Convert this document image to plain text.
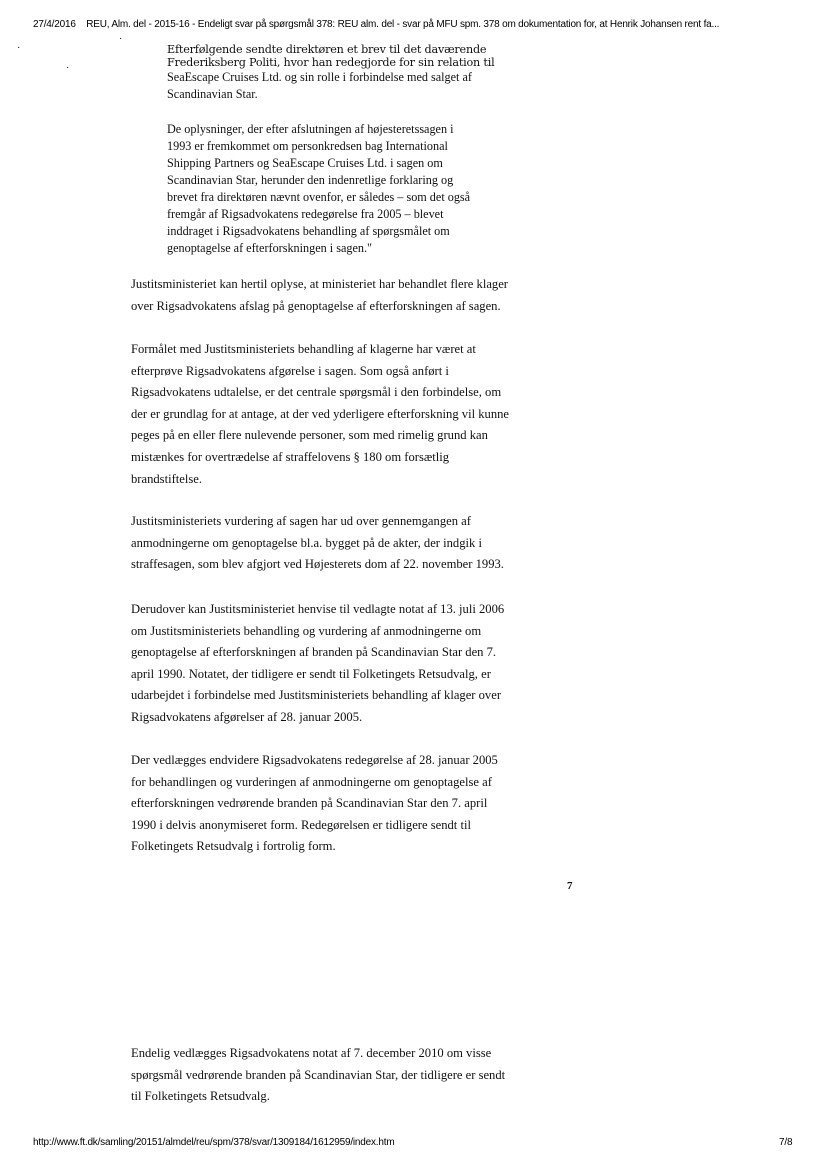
27/4/2016 REU, Alm. del - 2015-16 - Endeligt svar på spørgsmål 378: REU alm. del - svar på MFU spm. 378 om dokumentation for, at Henrik Johansen rent fa...
·
·
·
Efterfølgende sendte direktøren et brev til det daværende
Frederiksberg Politi, hvor han redegjorde for sin relation til
SeaEscape Cruises Ltd. og sin rolle i forbindelse med salget af
Scandinavian Star.
De oplysninger, der efter afslutningen af højesteretssagen i
1993 er fremkommet om personkredsen bag International
Shipping Partners og SeaEscape Cruises Ltd. i sagen om
Scandinavian Star, herunder den indenretlige forklaring og
brevet fra direktøren nævnt ovenfor, er således – som det også
fremgår af Rigsadvokatens redegørelse fra 2005 – blevet
inddraget i Rigsadvokatens behandling af spørgsmålet om
genoptagelse af efterforskningen i sagen."
Justitsministeriet kan hertil oplyse, at ministeriet har behandlet flere klager
over Rigsadvokatens afslag på genoptagelse af efterforskningen af sagen.
Formålet med Justitsministeriets behandling af klagerne har været at
efterprøve Rigsadvokatens afgørelse i sagen. Som også anført i
Rigsadvokatens udtalelse, er det centrale spørgsmål i den forbindelse, om
der er grundlag for at antage, at der ved yderligere efterforskning vil kunne
peges på en eller flere nulevende personer, som med rimelig grund kan
mistænkes for overtrædelse af straffelovens § 180 om forsætlig
brandstiftelse.
Justitsministeriets vurdering af sagen har ud over gennemgangen af
anmodningerne om genoptagelse bl.a. bygget på de akter, der indgik i
straffesagen, som blev afgjort ved Højesterets dom af 22. november 1993.
Derudover kan Justitsministeriet henvise til vedlagte notat af 13. juli 2006
om Justitsministeriets behandling og vurdering af anmodningerne om
genoptagelse af efterforskningen af branden på Scandinavian Star den 7.
april 1990. Notatet, der tidligere er sendt til Folketingets Retsudvalg, er
udarbejdet i forbindelse med Justitsministeriets behandling af klager over
Rigsadvokatens afgørelser af 28. januar 2005.
Der vedlægges endvidere Rigsadvokatens redegørelse af 28. januar 2005
for behandlingen og vurderingen af anmodningerne om genoptagelse af
efterforskningen vedrørende branden på Scandinavian Star den 7. april
1990 i delvis anonymiseret form. Redegørelsen er tidligere sendt til
Folketingets Retsudvalg i fortrolig form.
7
Endelig vedlægges Rigsadvokatens notat af 7. december 2010 om visse
spørgsmål vedrørende branden på Scandinavian Star, der tidligere er sendt
til Folketingets Retsudvalg.
http://www.ft.dk/samling/20151/almdel/reu/spm/378/svar/1309184/1612959/index.htm	7/8
